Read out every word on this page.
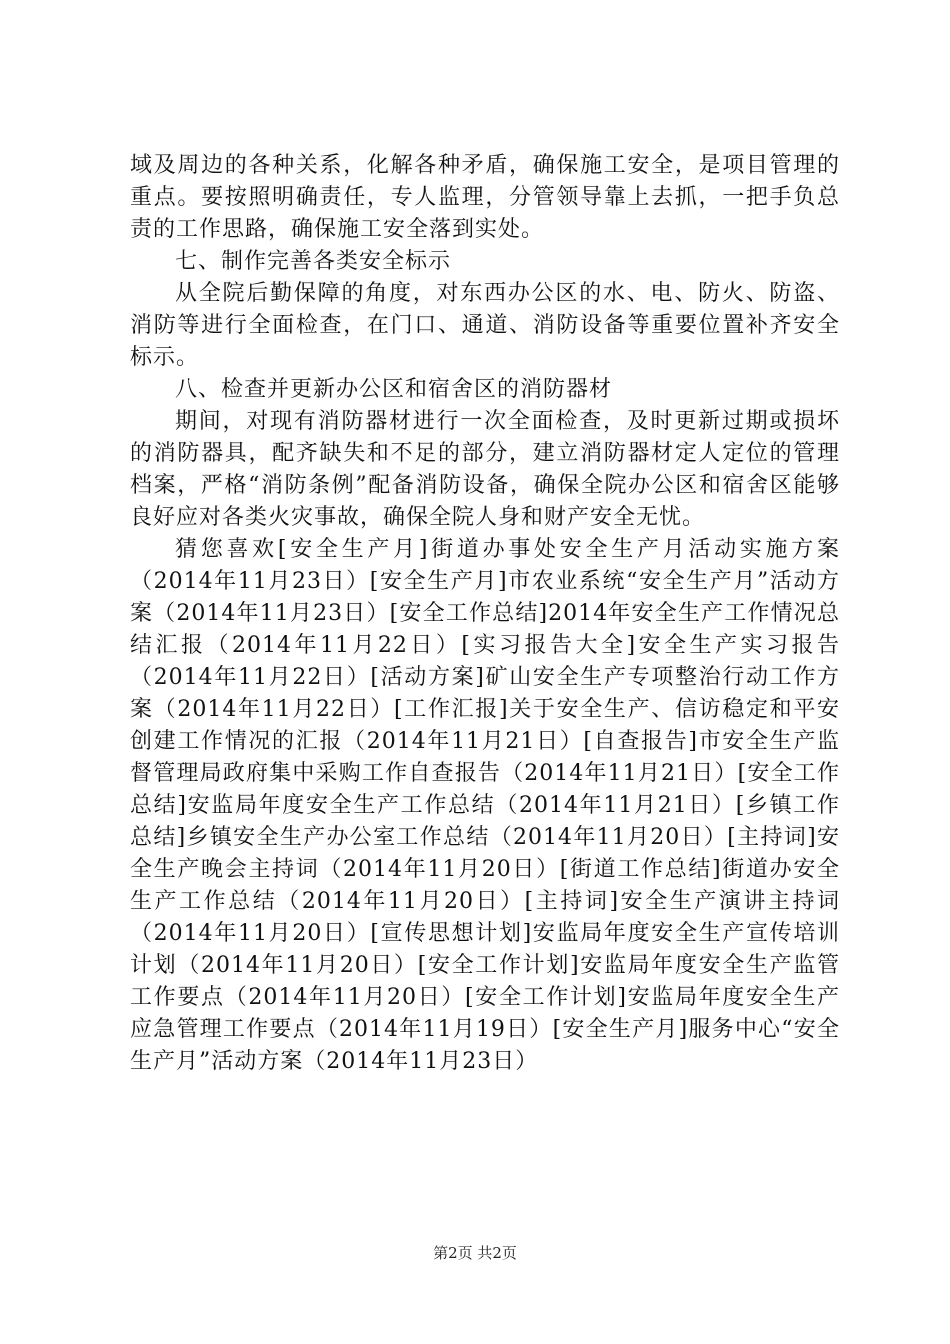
域及周边的各种关系，化解各种矛盾，确保施工安全，是项目管理的重点。要按照明确责任，专人监理，分管领导靠上去抓，一把手负总责的工作思路，确保施工安全落到实处。

七、制作完善各类安全标示

从全院后勤保障的角度，对东西办公区的水、电、防火、防盗、消防等进行全面检查，在门口、通道、消防设备等重要位置补齐安全标示。

八、检查并更新办公区和宿舍区的消防器材

期间，对现有消防器材进行一次全面检查，及时更新过期或损坏的消防器具，配齐缺失和不足的部分，建立消防器材定人定位的管理档案，严格“消防条例”配备消防设备，确保全院办公区和宿舍区能够良好应对各类火灾事故，确保全院人身和财产安全无忧。

猜您喜欢[安全生产月]街道办事处安全生产月活动实施方案（2014年11月23日）[安全生产月]市农业系统“安全生产月”活动方案（2014年11月23日）[安全工作总结]2014年安全生产工作情况总结汇报（2014年11月22日）[实习报告大全]安全生产实习报告（2014年11月22日）[活动方案]矿山安全生产专项整治行动工作方案（2014年11月22日）[工作汇报]关于安全生产、信访稳定和平安创建工作情况的汇报（2014年11月21日）[自查报告]市安全生产监督管理局政府集中采购工作自查报告（2014年11月21日）[安全工作总结]安监局年度安全生产工作总结（2014年11月21日）[乡镇工作总结]乡镇安全生产办公室工作总结（2014年11月20日）[主持词]安全生产晚会主持词（2014年11月20日）[街道工作总结]街道办安全生产工作总结（2014年11月20日）[主持词]安全生产演讲主持词（2014年11月20日）[宣传思想计划]安监局年度安全生产宣传培训计划（2014年11月20日）[安全工作计划]安监局年度安全生产监管工作要点（2014年11月20日）[安全工作计划]安监局年度安全生产应急管理工作要点（2014年11月19日）[安全生产月]服务中心“安全生产月”活动方案（2014年11月23日）

第2页 共2页
